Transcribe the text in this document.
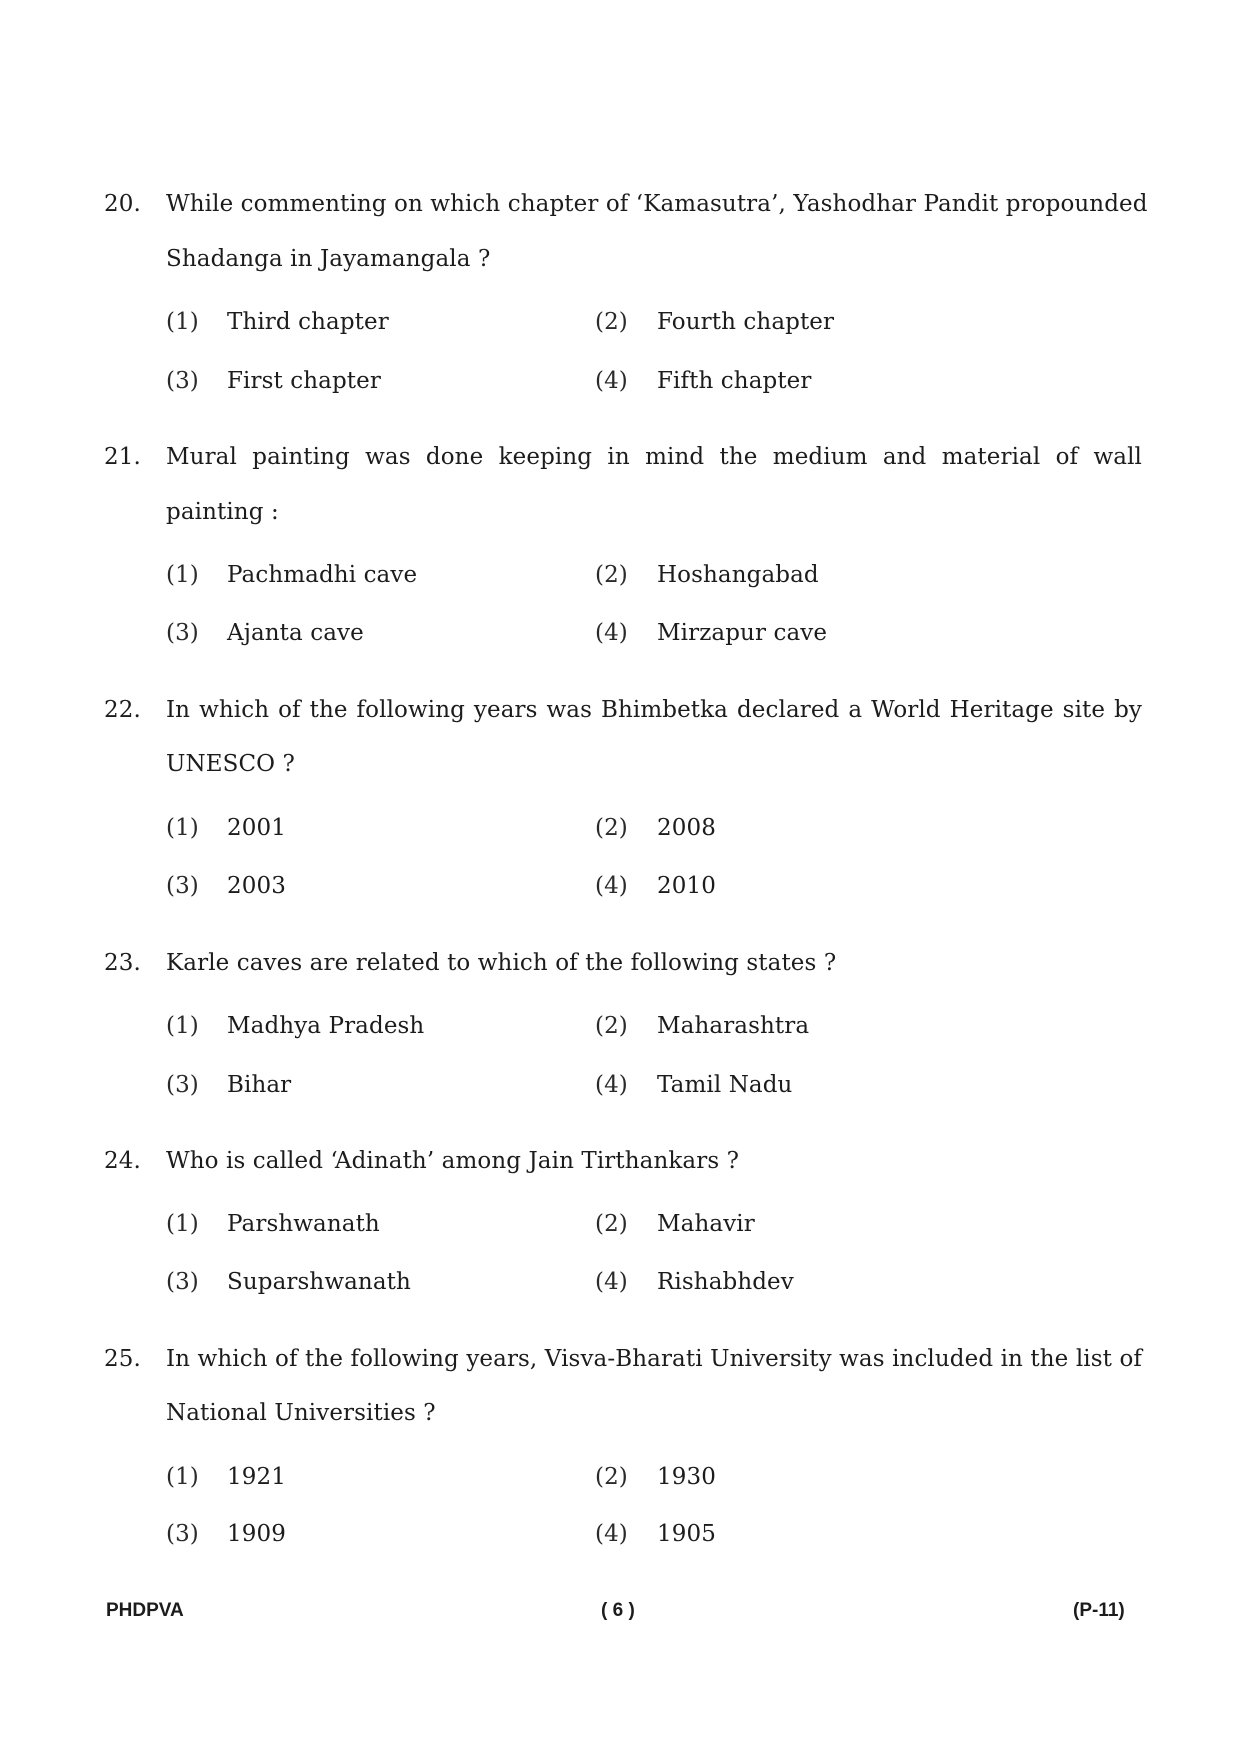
20. While commenting on which chapter of ‘Kamasutra’, Yashodhar Pandit propounded
Shadanga in Jayamangala ?
(1) Third chapter	(2) Fourth chapter
(3) First chapter	(4) Fifth chapter
21. Mural painting was done keeping in mind the medium and material of wall
painting :
(1) Pachmadhi cave	(2) Hoshangabad
(3) Ajanta cave	(4) Mirzapur cave
22. In which of the following years was Bhimbetka declared a World Heritage site by
UNESCO ?
(1) 2001	(2) 2008
(3) 2003	(4) 2010
23. Karle caves are related to which of the following states ?
(1) Madhya Pradesh	(2) Maharashtra
(3) Bihar	(4) Tamil Nadu
24. Who is called ‘Adinath’ among Jain Tirthankars ?
(1) Parshwanath	(2) Mahavir
(3) Suparshwanath	(4) Rishabhdev
25. In which of the following years, Visva-Bharati University was included in the list of
National Universities ?
(1) 1921	(2) 1930
(3) 1909	(4) 1905
PHDPVA	( 6 )	(P-11)
